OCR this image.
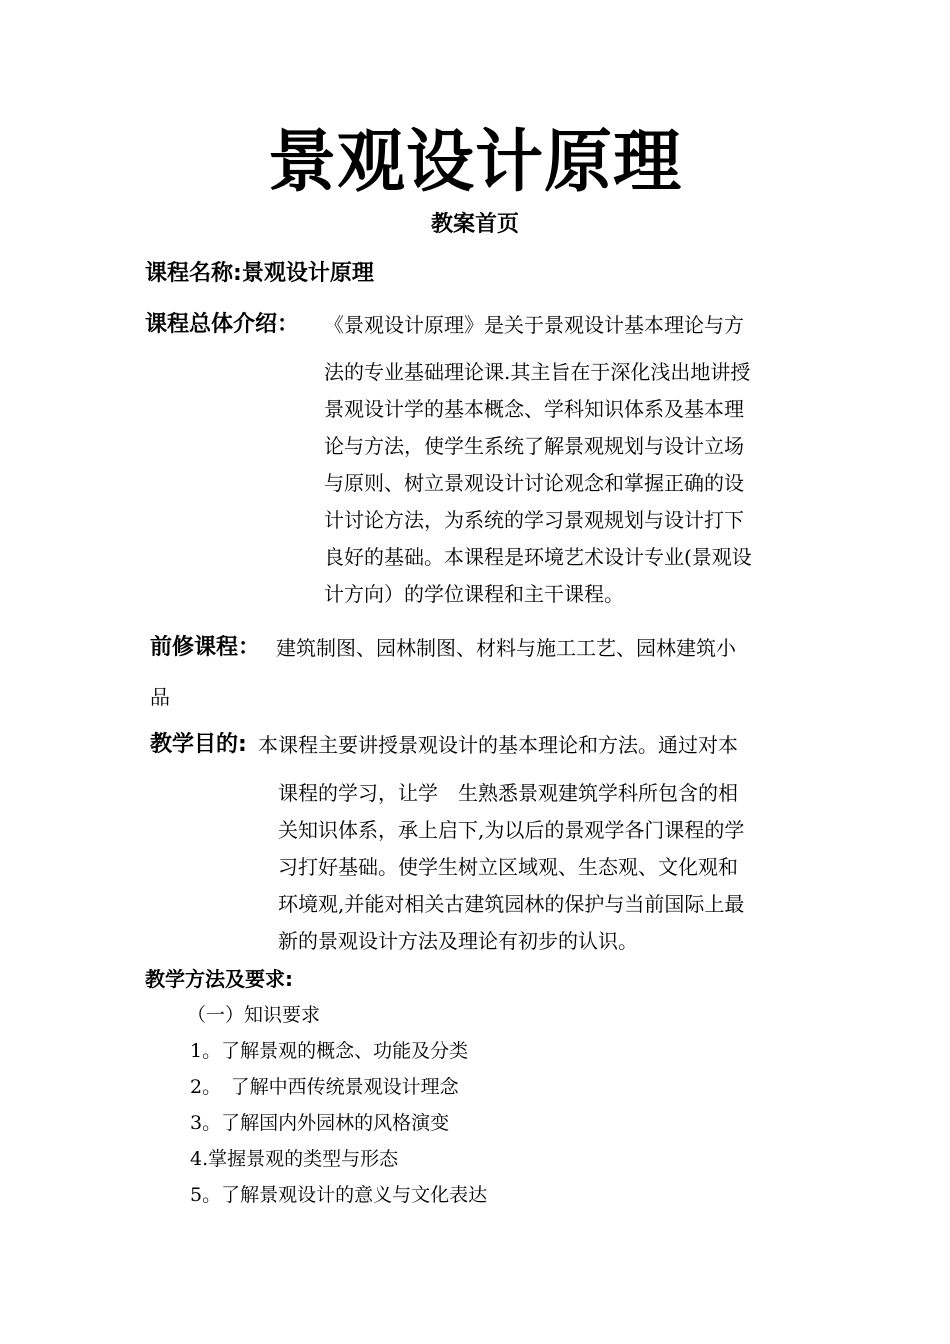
景观设计原理
教案首页
课程名称:景观设计原理
课程总体介绍： 《景观设计原理》是关于景观设计基本理论与方
法的专业基础理论课.其主旨在于深化浅出地讲授
景观设计学的基本概念、学科知识体系及基本理
论与方法，使学生系统了解景观规划与设计立场
与原则、树立景观设计讨论观念和掌握正确的设
计讨论方法，为系统的学习景观规划与设计打下
良好的基础。本课程是环境艺术设计专业(景观设
计方向）的学位课程和主干课程。
前修课程： 建筑制图、园林制图、材料与施工工艺、园林建筑小
品
教学目的: 本课程主要讲授景观设计的基本理论和方法。通过对本
课程的学习，让学　生熟悉景观建筑学科所包含的相
关知识体系，承上启下,为以后的景观学各门课程的学
习打好基础。使学生树立区域观、生态观、文化观和
环境观,并能对相关古建筑园林的保护与当前国际上最
新的景观设计方法及理论有初步的认识。
教学方法及要求:
（一）知识要求
1。了解景观的概念、功能及分类
2。　了解中西传统景观设计理念
3。了解国内外园林的风格演变
4.掌握景观的类型与形态
5。了解景观设计的意义与文化表达
